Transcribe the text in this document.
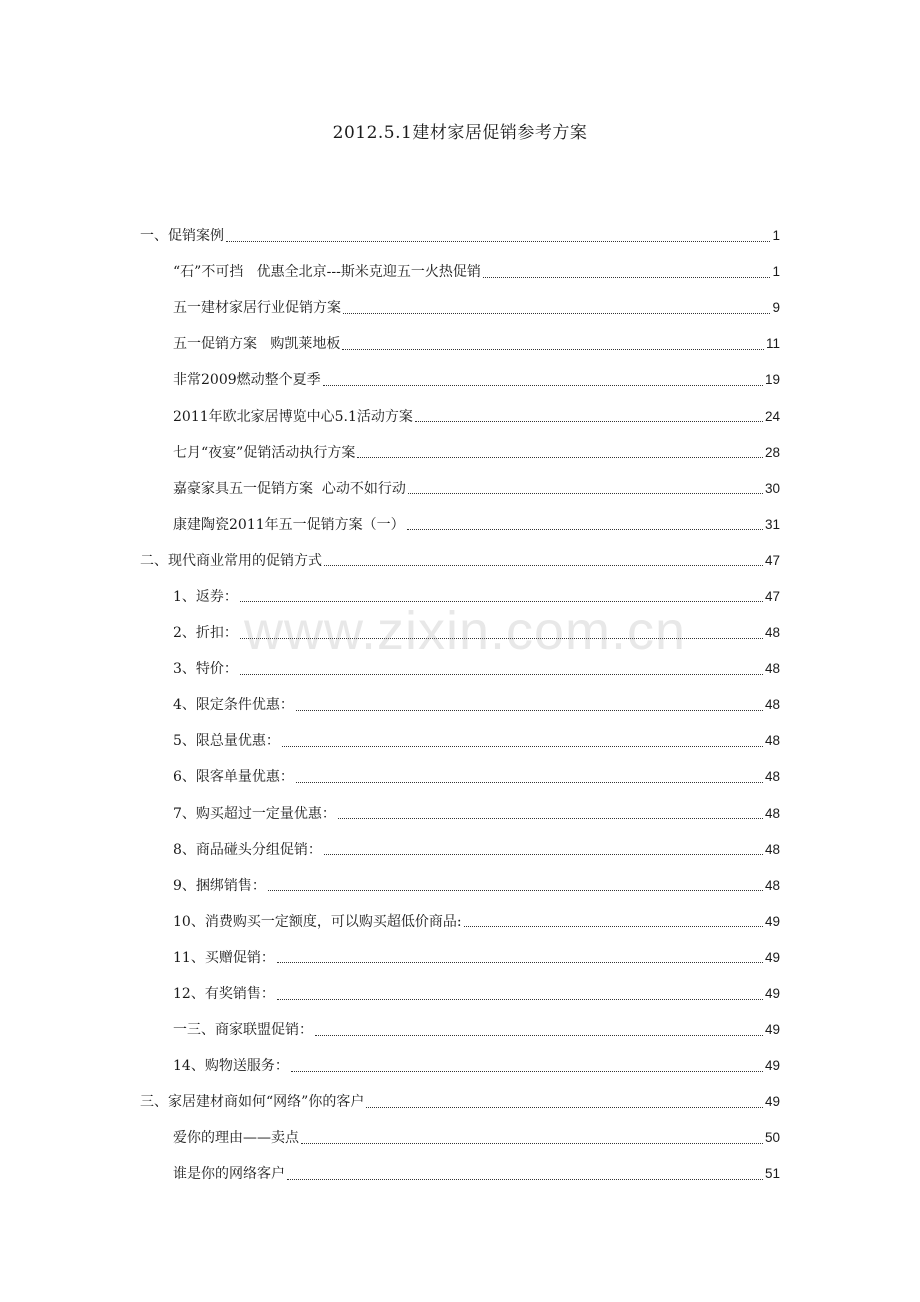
2012.5.1建材家居促销参考方案
一、促销案例	1
“石”不可挡   优惠全北京---斯米克迎五一火热促销	1
五一建材家居行业促销方案	9
五一促销方案   购凯莱地板	11
非常2009燃动整个夏季	19
2011年欧北家居博览中心5.1活动方案	24
七月“夜宴”促销活动执行方案	28
嘉豪家具五一促销方案  心动不如行动	30
康建陶瓷2011年五一促销方案（一）	31
二、现代商业常用的促销方式	47
1、返券：	47
2、折扣：	48
3、特价：	48
4、限定条件优惠：	48
5、限总量优惠：	48
6、限客单量优惠：	48
7、购买超过一定量优惠：	48
8、商品碰头分组促销：	48
9、捆绑销售：	48
10、消费购买一定额度，可以购买超低价商品:	49
11、买赠促销：	49
12、有奖销售：	49
一三、商家联盟促销：	49
14、购物送服务：	49
三、家居建材商如何“网络”你的客户	49
爱你的理由——卖点	50
谁是你的网络客户	51
www.zixin.com.cn
